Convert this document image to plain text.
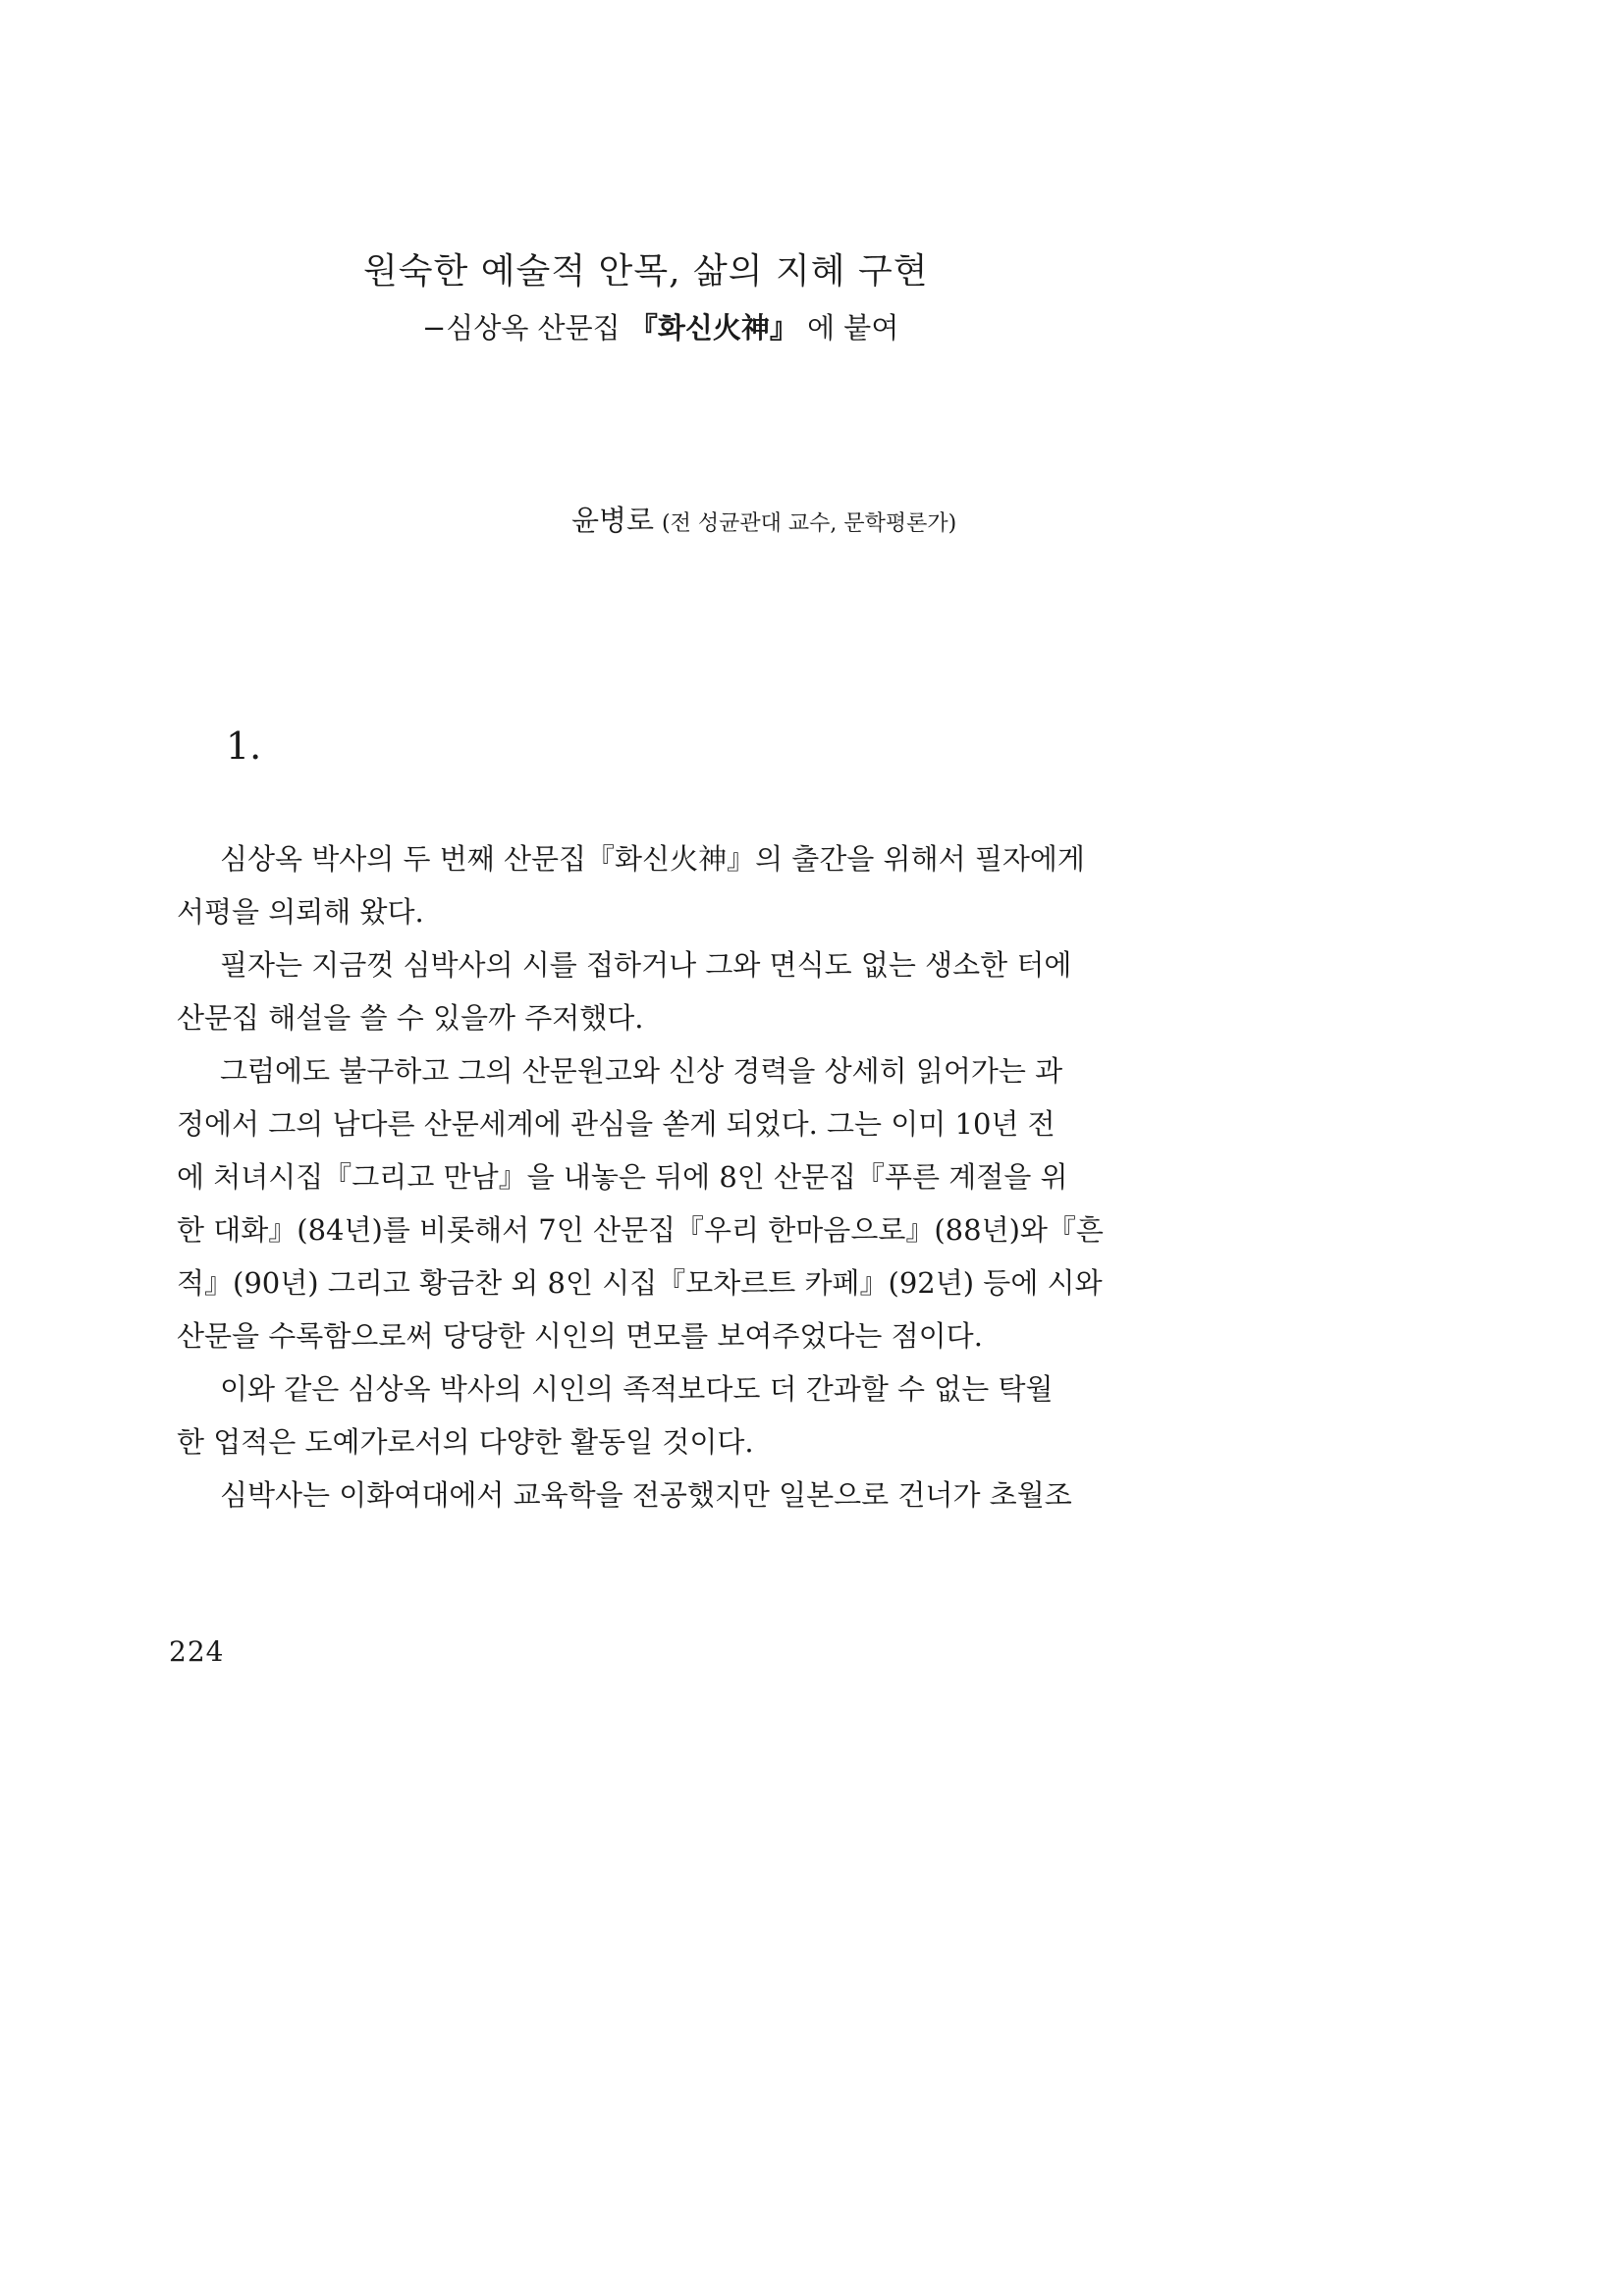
원숙한 예술적 안목, 삶의 지혜 구현
−심상옥 산문집 『화신火神』 에 붙여
윤병로 (전 성균관대 교수, 문학평론가)
1.
심상옥 박사의 두 번째 산문집『화신火神』의 출간을 위해서 필자에게
서평을 의뢰해 왔다.
필자는 지금껏 심박사의 시를 접하거나 그와 면식도 없는 생소한 터에
산문집 해설을 쓸 수 있을까 주저했다.
그럼에도 불구하고 그의 산문원고와 신상 경력을 상세히 읽어가는 과
정에서 그의 남다른 산문세계에 관심을 쏟게 되었다. 그는 이미 10년 전
에 처녀시집『그리고 만남』을 내놓은 뒤에 8인 산문집『푸른 계절을 위
한 대화』(84년)를 비롯해서 7인 산문집『우리 한마음으로』(88년)와『흔
적』(90년) 그리고 황금찬 외 8인 시집『모차르트 카페』(92년) 등에 시와
산문을 수록함으로써 당당한 시인의 면모를 보여주었다는 점이다.
이와 같은 심상옥 박사의 시인의 족적보다도 더 간과할 수 없는 탁월
한 업적은 도예가로서의 다양한 활동일 것이다.
심박사는 이화여대에서 교육학을 전공했지만 일본으로 건너가 초월조
224
